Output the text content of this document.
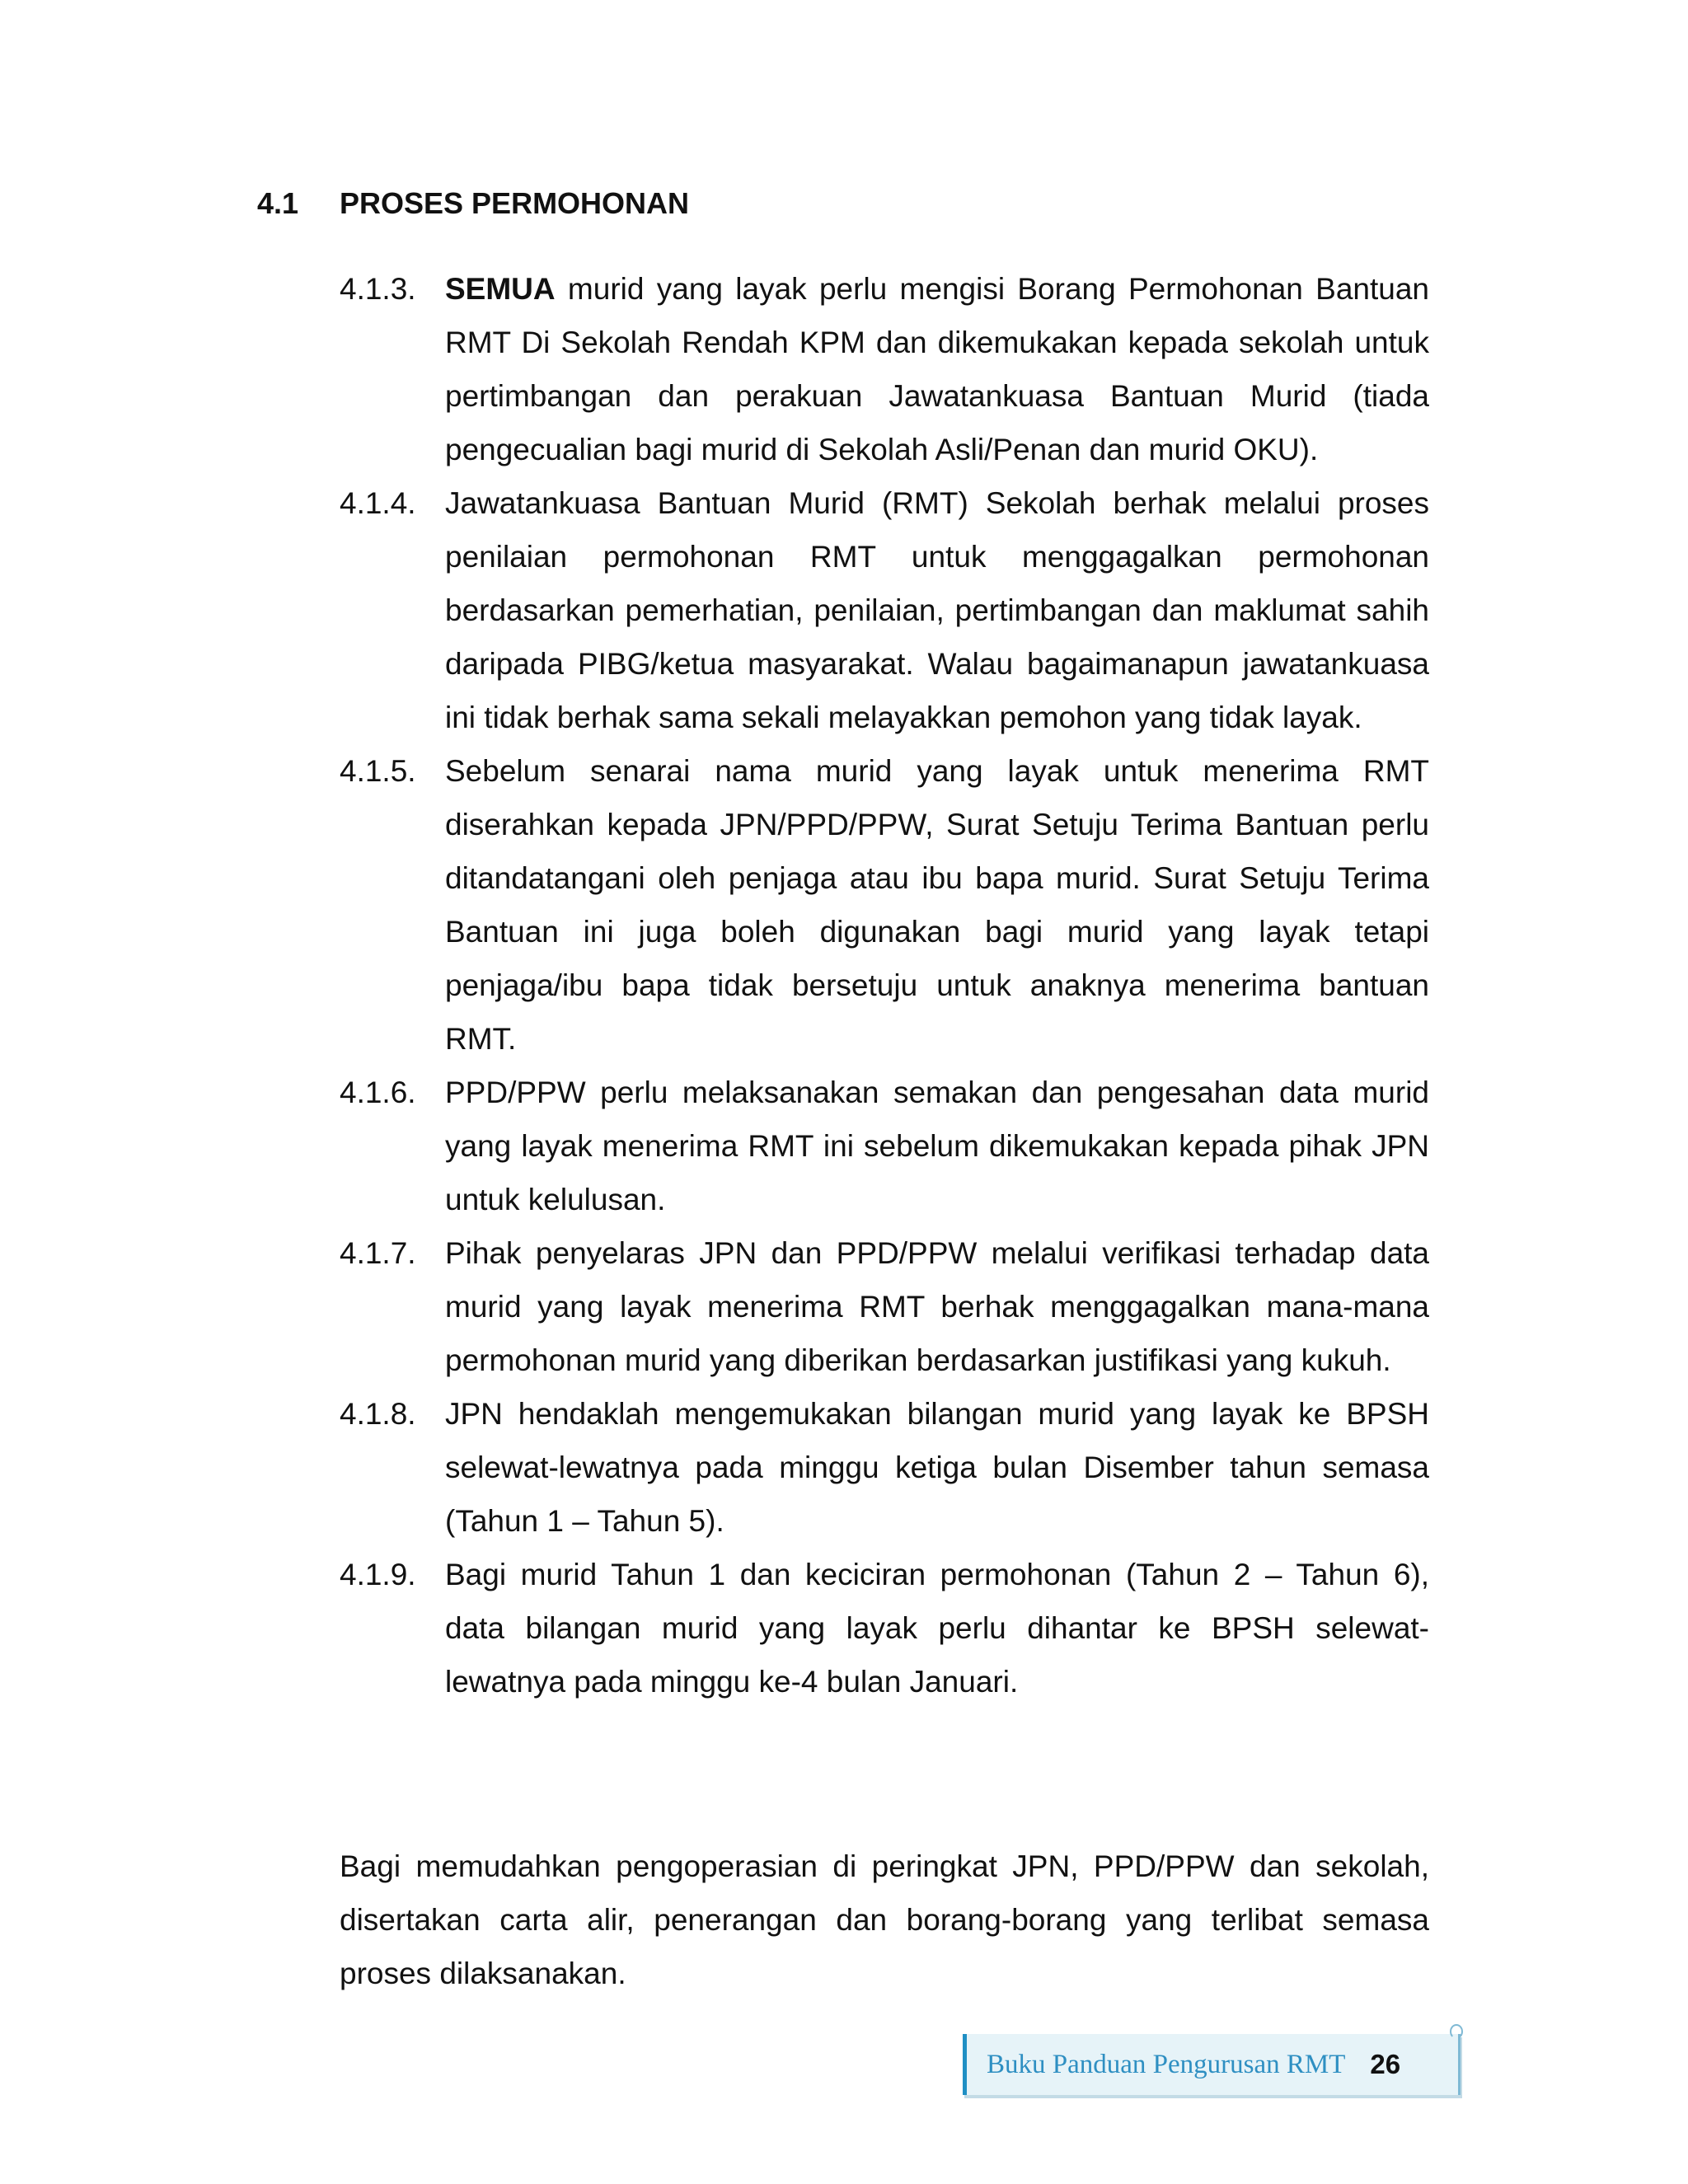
4.1 PROSES PERMOHONAN
4.1.3. SEMUA murid yang layak perlu mengisi Borang Permohonan Bantuan RMT Di Sekolah Rendah KPM dan dikemukakan kepada sekolah untuk pertimbangan dan perakuan Jawatankuasa Bantuan Murid (tiada pengecualian bagi murid di Sekolah Asli/Penan dan murid OKU).
4.1.4. Jawatankuasa Bantuan Murid (RMT) Sekolah berhak melalui proses penilaian permohonan RMT untuk menggagalkan permohonan berdasarkan pemerhatian, penilaian, pertimbangan dan maklumat sahih daripada PIBG/ketua masyarakat. Walau bagaimanapun jawatankuasa ini tidak berhak sama sekali melayakkan pemohon yang tidak layak.
4.1.5. Sebelum senarai nama murid yang layak untuk menerima RMT diserahkan kepada JPN/PPD/PPW, Surat Setuju Terima Bantuan perlu ditandatangani oleh penjaga atau ibu bapa murid. Surat Setuju Terima Bantuan ini juga boleh digunakan bagi murid yang layak tetapi penjaga/ibu bapa tidak bersetuju untuk anaknya menerima bantuan RMT.
4.1.6. PPD/PPW perlu melaksanakan semakan dan pengesahan data murid yang layak menerima RMT ini sebelum dikemukakan kepada pihak JPN untuk kelulusan.
4.1.7. Pihak penyelaras JPN dan PPD/PPW melalui verifikasi terhadap data murid yang layak menerima RMT berhak menggagalkan mana-mana permohonan murid yang diberikan berdasarkan justifikasi yang kukuh.
4.1.8. JPN hendaklah mengemukakan bilangan murid yang layak ke BPSH selewat-lewatnya pada minggu ketiga bulan Disember tahun semasa (Tahun 1 – Tahun 5).
4.1.9. Bagi murid Tahun 1 dan keciciran permohonan (Tahun 2 – Tahun 6), data bilangan murid yang layak perlu dihantar ke BPSH selewat-lewatnya pada minggu ke-4 bulan Januari.
Bagi memudahkan pengoperasian di peringkat JPN, PPD/PPW dan sekolah, disertakan carta alir, penerangan dan borang-borang yang terlibat semasa proses dilaksanakan.
Buku Panduan Pengurusan RMT 26
